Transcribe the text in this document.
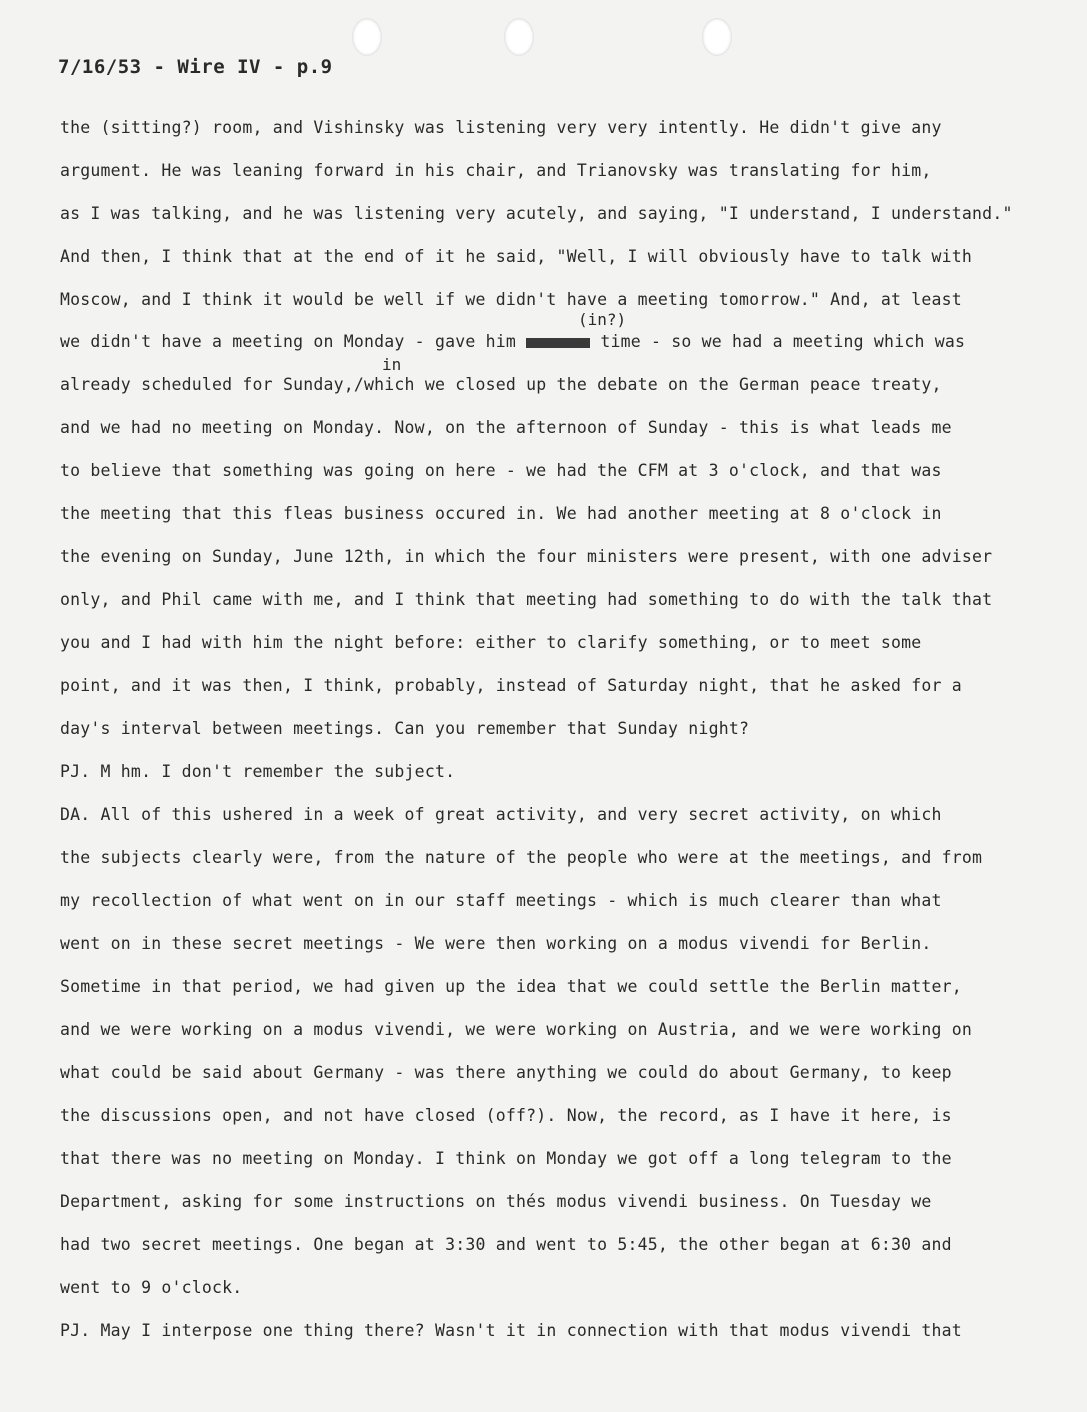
7/16/53 - Wire IV - p.9
the (sitting?) room, and Vishinsky was listening very very intently. He didn't give any
argument. He was leaning forward in his chair, and Trianovsky was translating for him,
as I was talking, and he was listening very acutely, and saying, "I understand, I understand."
And then, I think that at the end of it he said, "Well, I will obviously have to talk with
Moscow, and I think it would be well if we didn't have a meeting tomorrow." And, at least
(in?)
we didn't have a meeting on Monday - gave him	time - so we had a meeting which was
in
already scheduled for Sunday,/which we closed up the debate on the German peace treaty,
and we had no meeting on Monday. Now, on the afternoon of Sunday - this is what leads me
to believe that something was going on here - we had the CFM at 3 o'clock, and that was
the meeting that this fleas business occured in. We had another meeting at 8 o'clock in
the evening on Sunday, June 12th, in which the four ministers were present, with one adviser
only, and Phil came with me, and I think that meeting had something to do with the talk that
you and I had with him the night before: either to clarify something, or to meet some
point, and it was then, I think, probably, instead of Saturday night, that he asked for a
day's interval between meetings. Can you remember that Sunday night?
PJ. M hm. I don't remember the subject.
DA. All of this ushered in a week of great activity, and very secret activity, on which
the subjects clearly were, from the nature of the people who were at the meetings, and from
my recollection of what went on in our staff meetings - which is much clearer than what
went on in these secret meetings - We were then working on a modus vivendi for Berlin.
Sometime in that period, we had given up the idea that we could settle the Berlin matter,
and we were working on a modus vivendi, we were working on Austria, and we were working on
what could be said about Germany - was there anything we could do about Germany, to keep
the discussions open, and not have closed (off?). Now, the record, as I have it here, is
that there was no meeting on Monday. I think on Monday we got off a long telegram to the
Department, asking for some instructions on thés modus vivendi business. On Tuesday we
had two secret meetings. One began at 3:30 and went to 5:45, the other began at 6:30 and
went to 9 o'clock.
PJ. May I interpose one thing there? Wasn't it in connection with that modus vivendi that
